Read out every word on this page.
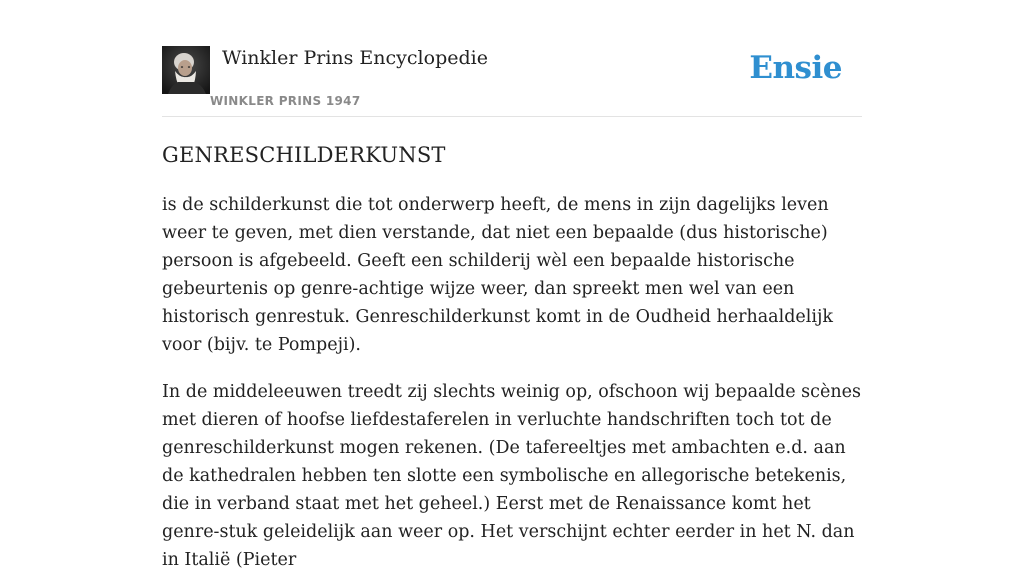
Winkler Prins Encyclopedie
WINKLER PRINS 1947
Ensie
GENRESCHILDERKUNST

is de schilderkunst die tot onderwerp heeft, de mens in zijn dagelijks leven weer te geven, met dien verstande, dat niet een bepaalde (dus historische) persoon is afgebeeld. Geeft een schilderij wèl een bepaalde historische gebeurtenis op genre-achtige wijze weer, dan spreekt men wel van een historisch genrestuk. Genreschilderkunst komt in de Oudheid herhaaldelijk voor (bijv. te Pompeji).

In de middeleeuwen treedt zij slechts weinig op, ofschoon wij bepaalde scènes met dieren of hoofse liefdestaferelen in verluchte handschriften toch tot de genreschilderkunst mogen rekenen. (De tafereeltjes met ambachten e.d. aan de kathedralen hebben ten slotte een symbolische en allegorische betekenis, die in verband staat met het geheel.) Eerst met de Renaissance komt het genre-stuk geleidelijk aan weer op. Het verschijnt echter eerder in het N. dan in Italië (Pieter
